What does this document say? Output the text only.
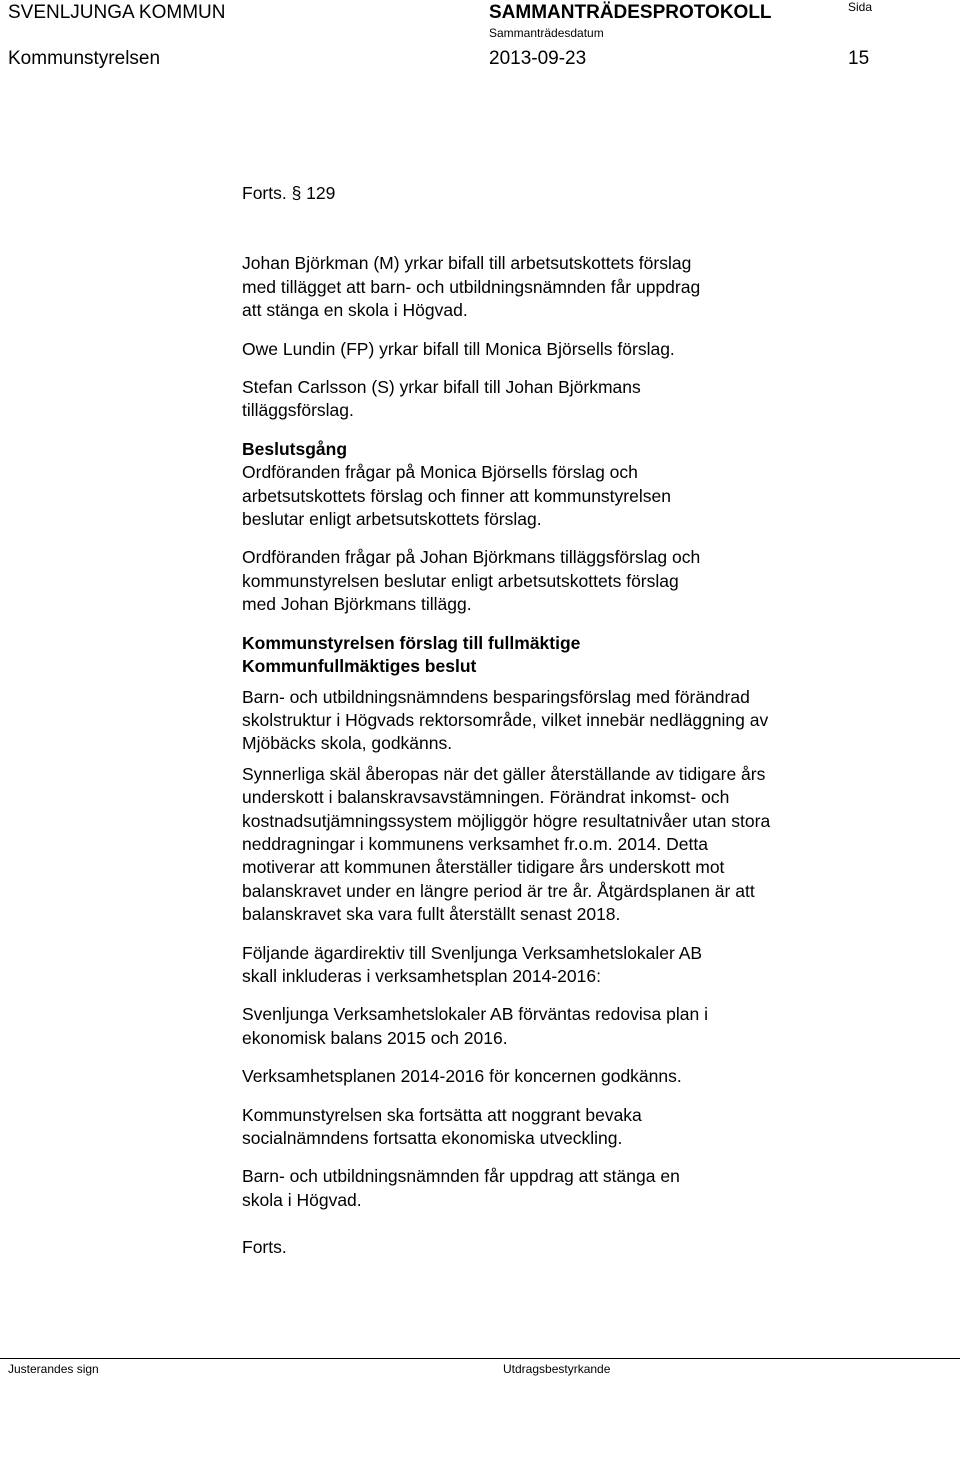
SVENLJUNGA KOMMUN	SAMMANTRÄDESPROTOKOLL	Sida
Sammanträdesdatum
Kommunstyrelsen	2013-09-23	15
Forts. § 129
Johan Björkman (M) yrkar bifall till arbetsutskottets förslag
med tillägget att barn- och utbildningsnämnden får uppdrag
att stänga en skola i Högvad.
Owe Lundin (FP) yrkar bifall till Monica Björsells förslag.
Stefan Carlsson (S) yrkar bifall till Johan Björkmans
tilläggsförslag.
Beslutsgång
Ordföranden frågar på Monica Björsells förslag och
arbetsutskottets förslag och finner att kommunstyrelsen
beslutar enligt arbetsutskottets förslag.
Ordföranden frågar på Johan Björkmans tilläggsförslag och
kommunstyrelsen beslutar enligt arbetsutskottets förslag
med Johan Björkmans tillägg.
Kommunstyrelsen förslag till fullmäktige
Kommunfullmäktiges beslut
Barn- och utbildningsnämndens besparingsförslag med förändrad
skolstruktur i Högvads rektorsområde, vilket innebär nedläggning av
Mjöbäcks skola, godkänns.
Synnerliga skäl åberopas när det gäller återställande av tidigare års
underskott i balanskravsavstämningen. Förändrat inkomst- och
kostnadsutjämningssystem möjliggör högre resultatnivåer utan stora
neddragningar i kommunens verksamhet fr.o.m. 2014. Detta
motiverar att kommunen återställer tidigare års underskott mot
balanskravet under en längre period är tre år. Åtgärdsplanen är att
balanskravet ska vara fullt återställt senast 2018.
Följande ägardirektiv till Svenljunga Verksamhetslokaler AB
skall inkluderas i verksamhetsplan 2014-2016:
Svenljunga Verksamhetslokaler AB förväntas redovisa plan i
ekonomisk balans 2015 och 2016.
Verksamhetsplanen 2014-2016 för koncernen godkänns.
Kommunstyrelsen ska fortsätta att noggrant bevaka
socialnämndens fortsatta ekonomiska utveckling.
Barn- och utbildningsnämnden får uppdrag att stänga en
skola i Högvad.
Forts.
Justerandes sign	Utdragsbestyrkande
